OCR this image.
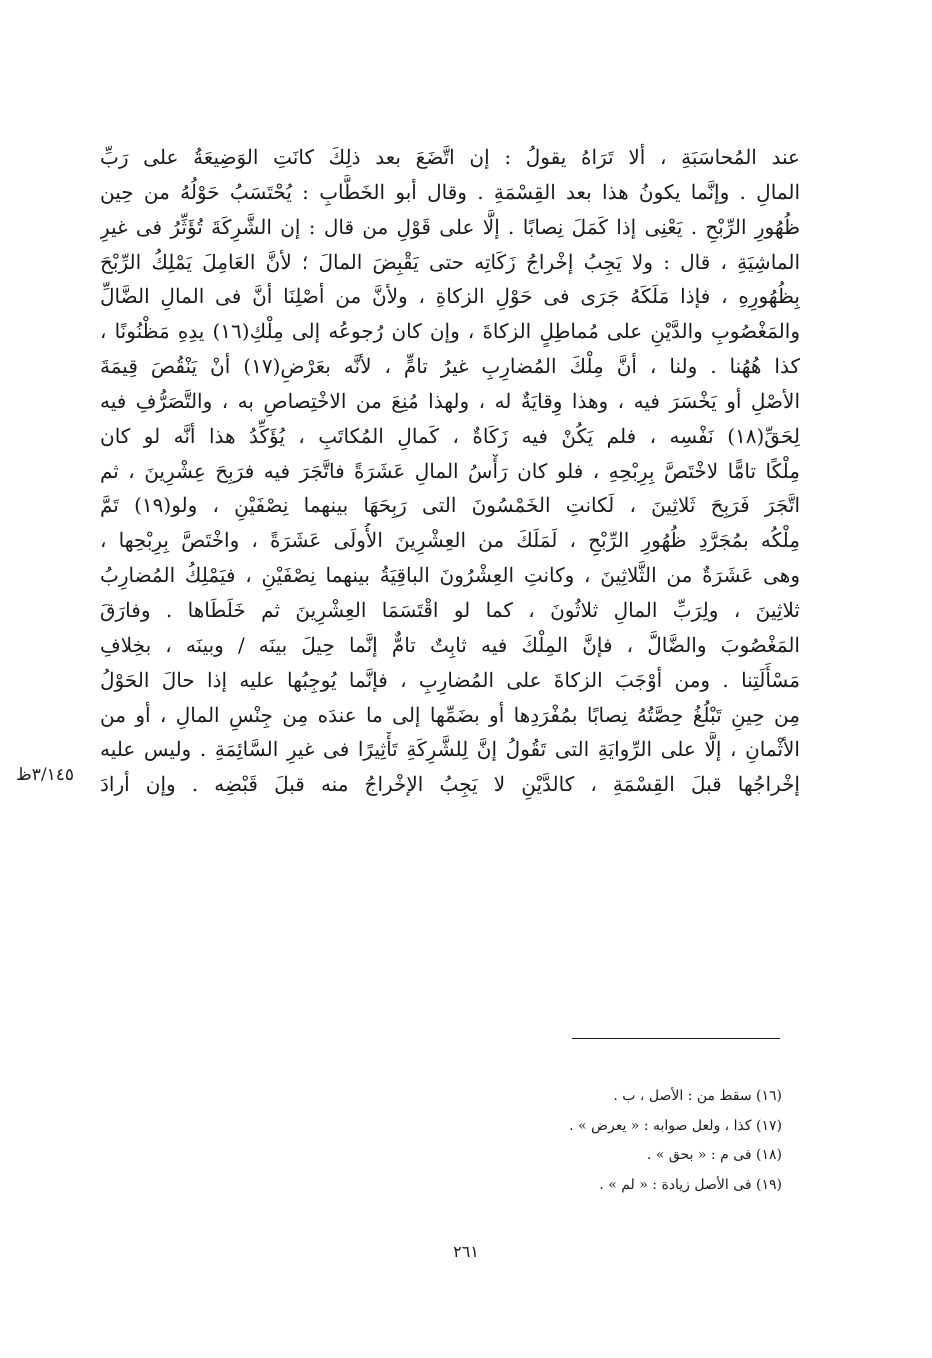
عند المُحاسَبَةِ ، ألا تَرَاهُ يقولُ : إن اتَّضَعَ بعد ذلِكَ كانَتِ الوَضِيعَةُ على رَبِّ
المالِ . وإنَّما يكونُ هذا بعد القِسْمَةِ . وقال أبو الخَطَّابِ : يُحْتَسَبُ حَوْلُهُ من حِين
ظُهُورِ الرِّبْحِ . يَعْنِى إذا كَمَلَ نِصابًا . إلَّا على قَوْلِ من قال : إن الشَّرِكَةَ تُؤَثِّرُ فى غيرِ
الماشِيَةِ ، قال : ولا يَجِبُ إخْراجُ زَكَاتِه حتى يَقْبِضَ المالَ ؛ لأنَّ العَامِلَ يَمْلِكُ الرِّبْحَ
بِظُهُورِهِ ، فإذا مَلَكَهُ جَرَى فى حَوْلِ الزكاةِ ، ولأنَّ من أصْلِنَا أنَّ فى المالِ الضَّالِّ
والمَغْصُوبِ والدَّيْنِ على مُماطِلٍ الزكاةَ ، وإن كان رُجوعُه إلى مِلْكِ(١٦) يدِهِ مَظْنُونًا ،
كذا هُهُنا . ولنا ، أنَّ مِلْكَ المُضارِبِ غيرُ تامٍّ ، لأنَّه بعَرْضِ(١٧) أنْ يَنْقُصَ قِيمَةَ
الأصْلِ أو يَخْسَرَ فيه ، وهذا وِقايَةٌ له ، ولهذا مُنِعَ من الاخْتِصاصِ به ، والتَّصَرُّفِ فيه
لِحَقِّ(١٨) نَفْسِه ، فلم يَكُنْ فيه زَكَاةٌ ، كَمالِ المُكاتَبِ ، يُؤَكِّدُ هذا أنَّه لو كان
مِلْكًا تامًّا لاخْتَصَّ بِرِبْحِهِ ، فلو كان رَأْسُ المالِ عَشَرَةً فاتَّجَرَ فيه فرَبِحَ عِشْرِينَ ، ثم
اتَّجَرَ فَرَبِحَ ثَلاثِينَ ، لَكانتِ الخَمْسُونَ التى رَبِحَهَا بينهما نِصْفَيْنِ ، ولو(١٩) تَمَّ
مِلْكُه بمُجَرَّدِ ظُهُورِ الرِّبْحِ ، لَمَلَكَ من العِشْرِينَ الأُولَى عَشَرَةً ، واخْتَصَّ بِرِبْحِها ،
وهى عَشَرَةٌ من الثَّلاثِينَ ، وكانتِ العِشْرُونَ الباقِيَةُ بينهما نِصْفَيْنِ ، فيَمْلِكُ المُضارِبُ
ثلاثِينَ ، ولِرَبِّ المالِ ثلاثُونَ ، كما لو اقْتَسَمَا العِشْرِينَ ثم خَلَطَاها . وفارَقَ
المَغْصُوبَ والضَّالَّ ، فإنَّ المِلْكَ فيه ثابِتٌ تامٌّ إنَّما حِيلَ بينَه / وبينَه ، بخِلافِ
مَسْأَلَتِنا . ومن أوْجَبَ الزكاةَ على المُضارِبِ ، فإنَّما يُوجِبُها عليه إذا حالَ الحَوْلُ
مِن حِينِ تَبْلُغُ حِصَّتُهُ نِصابًا بمُفْرَدِها أو بضَمِّها إلى ما عندَه مِن جِنْسِ المالِ ، أو من
الأثْمانِ ، إلَّا على الرِّوايَةِ التى تَقُولُ إنَّ لِلشَّرِكَةِ تَأْثِيرًا فى غيرِ السَّائِمَةِ . وليس عليه
إخْراجُها قبلَ القِسْمَةِ ، كالدَّيْنِ لا يَجِبُ الإخْراجُ منه قبلَ قَبْضِه . وإن أرادَ
٣/١٤٥ظ
(١٦) سقط من : الأصل ، ب .
(١٧) كذا ، ولعل صوابه : « يعرض » .
(١٨) فى م : « بحق » .
(١٩) فى الأصل زيادة : « لم » .
٢٦١
